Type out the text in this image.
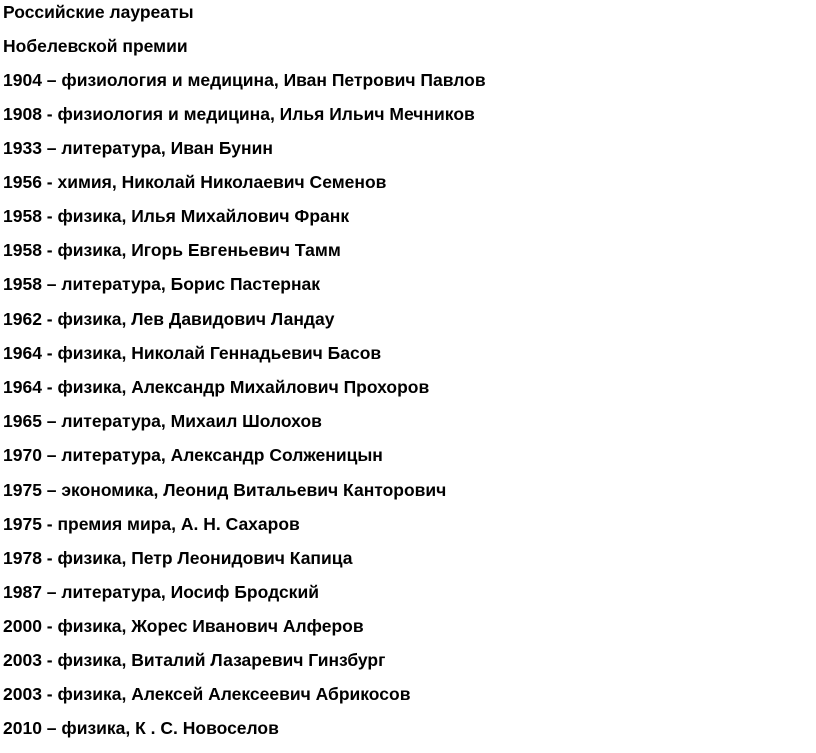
Российские лауреаты
Нобелевской премии
1904 – физиология и медицина, Иван Петрович Павлов
1908 - физиология и медицина, Илья Ильич Мечников
1933 – литература, Иван Бунин
1956 - химия, Николай Николаевич Семенов
1958 - физика, Илья Михайлович Франк
1958 - физика, Игорь Евгеньевич Тамм
1958 – литература, Борис Пастернак
1962 - физика, Лев Давидович Ландау
1964 - физика, Николай Геннадьевич Басов
1964 - физика, Александр Михайлович Прохоров
1965 – литература, Михаил Шолохов
1970 – литература, Александр Солженицын
1975 – экономика, Леонид Витальевич Канторович
1975 - премия мира, А. Н. Сахаров
1978 - физика, Петр Леонидович Капица
1987 – литература, Иосиф Бродский
2000 - физика, Жорес Иванович Алферов
2003 - физика, Виталий Лазаревич Гинзбург
2003 - физика, Алексей Алексеевич Абрикосов
2010 – физика, К . С. Новоселов
